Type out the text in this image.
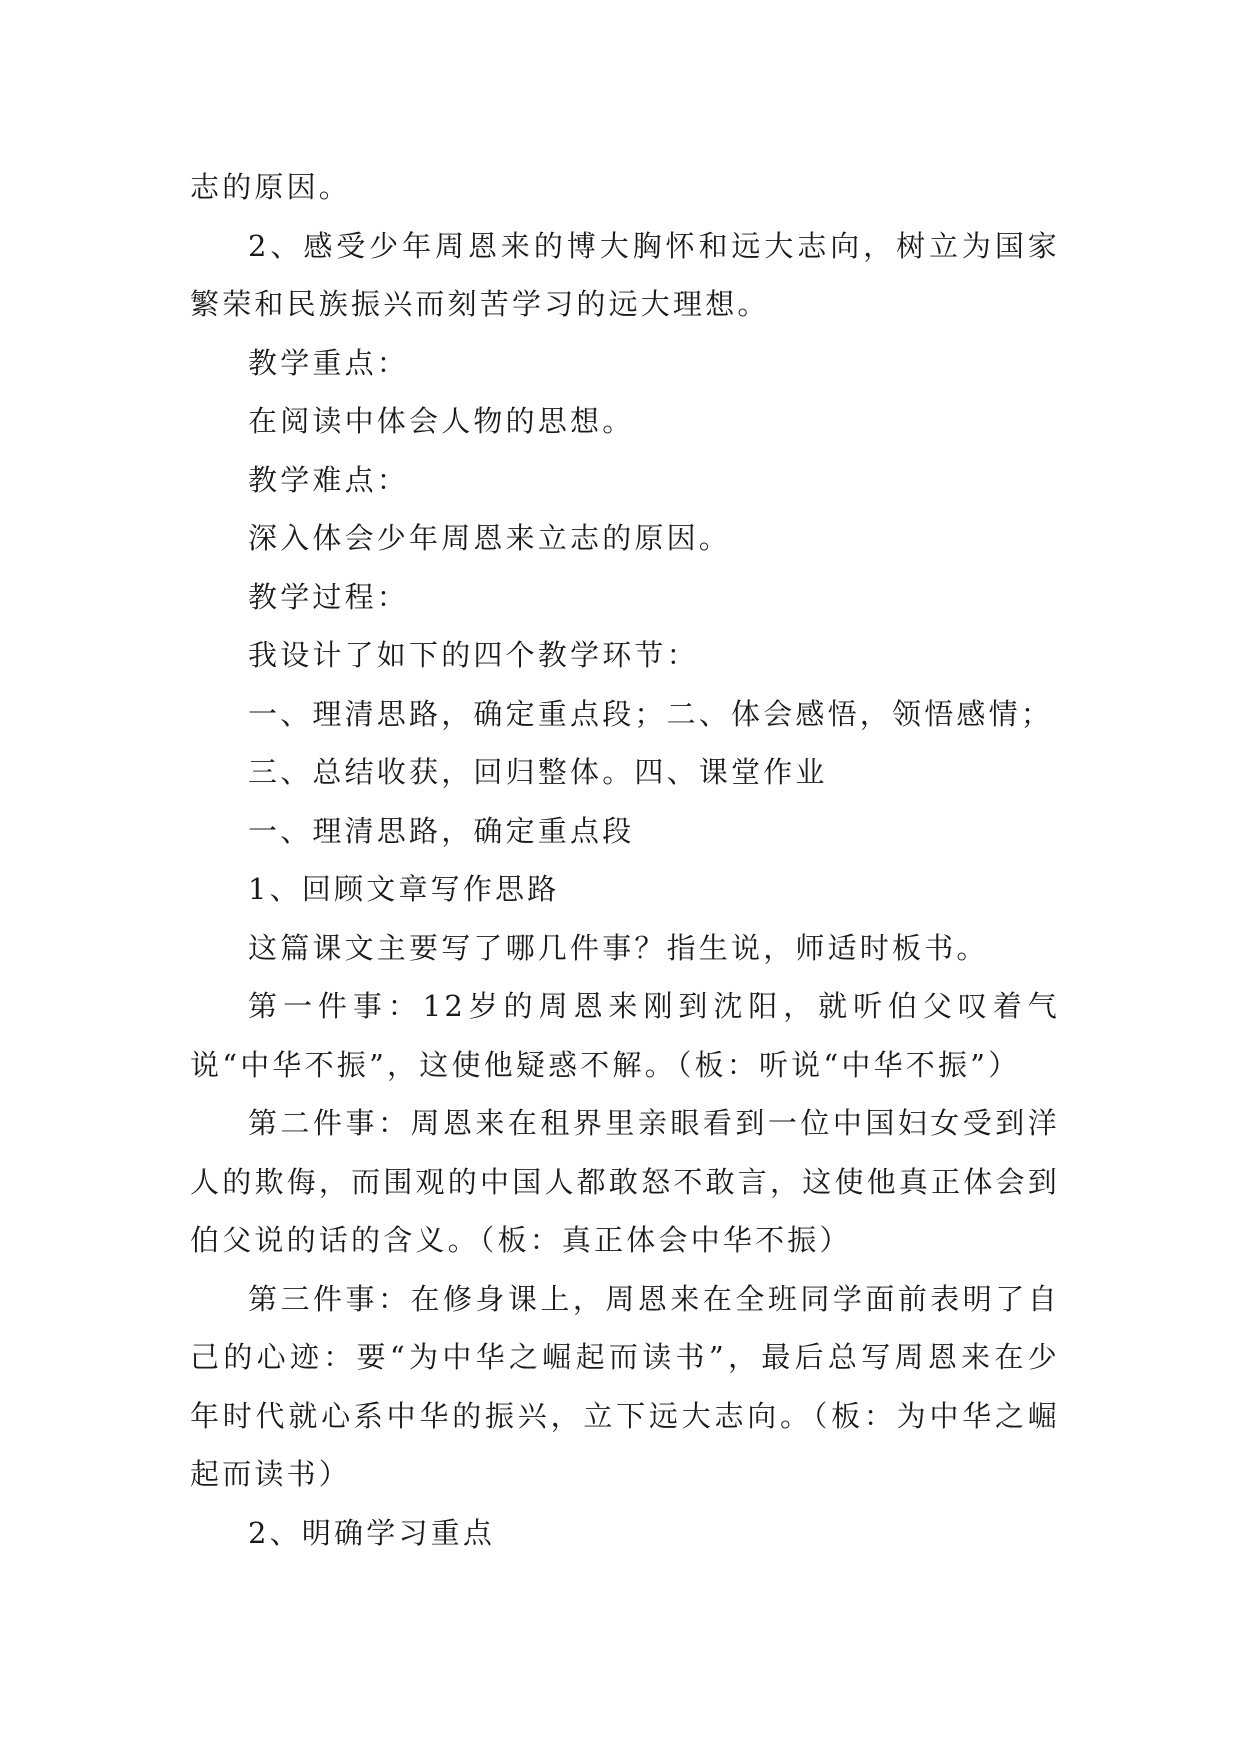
志的原因。

2、感受少年周恩来的博大胸怀和远大志向，树立为国家繁荣和民族振兴而刻苦学习的远大理想。

教学重点：

在阅读中体会人物的思想。

教学难点：

深入体会少年周恩来立志的原因。

教学过程：

我设计了如下的四个教学环节：

一、理清思路，确定重点段；二、体会感悟，领悟感情；

三、总结收获，回归整体。四、课堂作业

一、理清思路，确定重点段

1、回顾文章写作思路

这篇课文主要写了哪几件事？指生说，师适时板书。

第一件事：12岁的周恩来刚到沈阳，就听伯父叹着气说“中华不振”，这使他疑惑不解。（板：听说“中华不振”）

第二件事：周恩来在租界里亲眼看到一位中国妇女受到洋人的欺侮，而围观的中国人都敢怒不敢言，这使他真正体会到伯父说的话的含义。（板：真正体会中华不振）

第三件事：在修身课上，周恩来在全班同学面前表明了自己的心迹：要“为中华之崛起而读书”，最后总写周恩来在少年时代就心系中华的振兴，立下远大志向。（板：为中华之崛起而读书）

2、明确学习重点
